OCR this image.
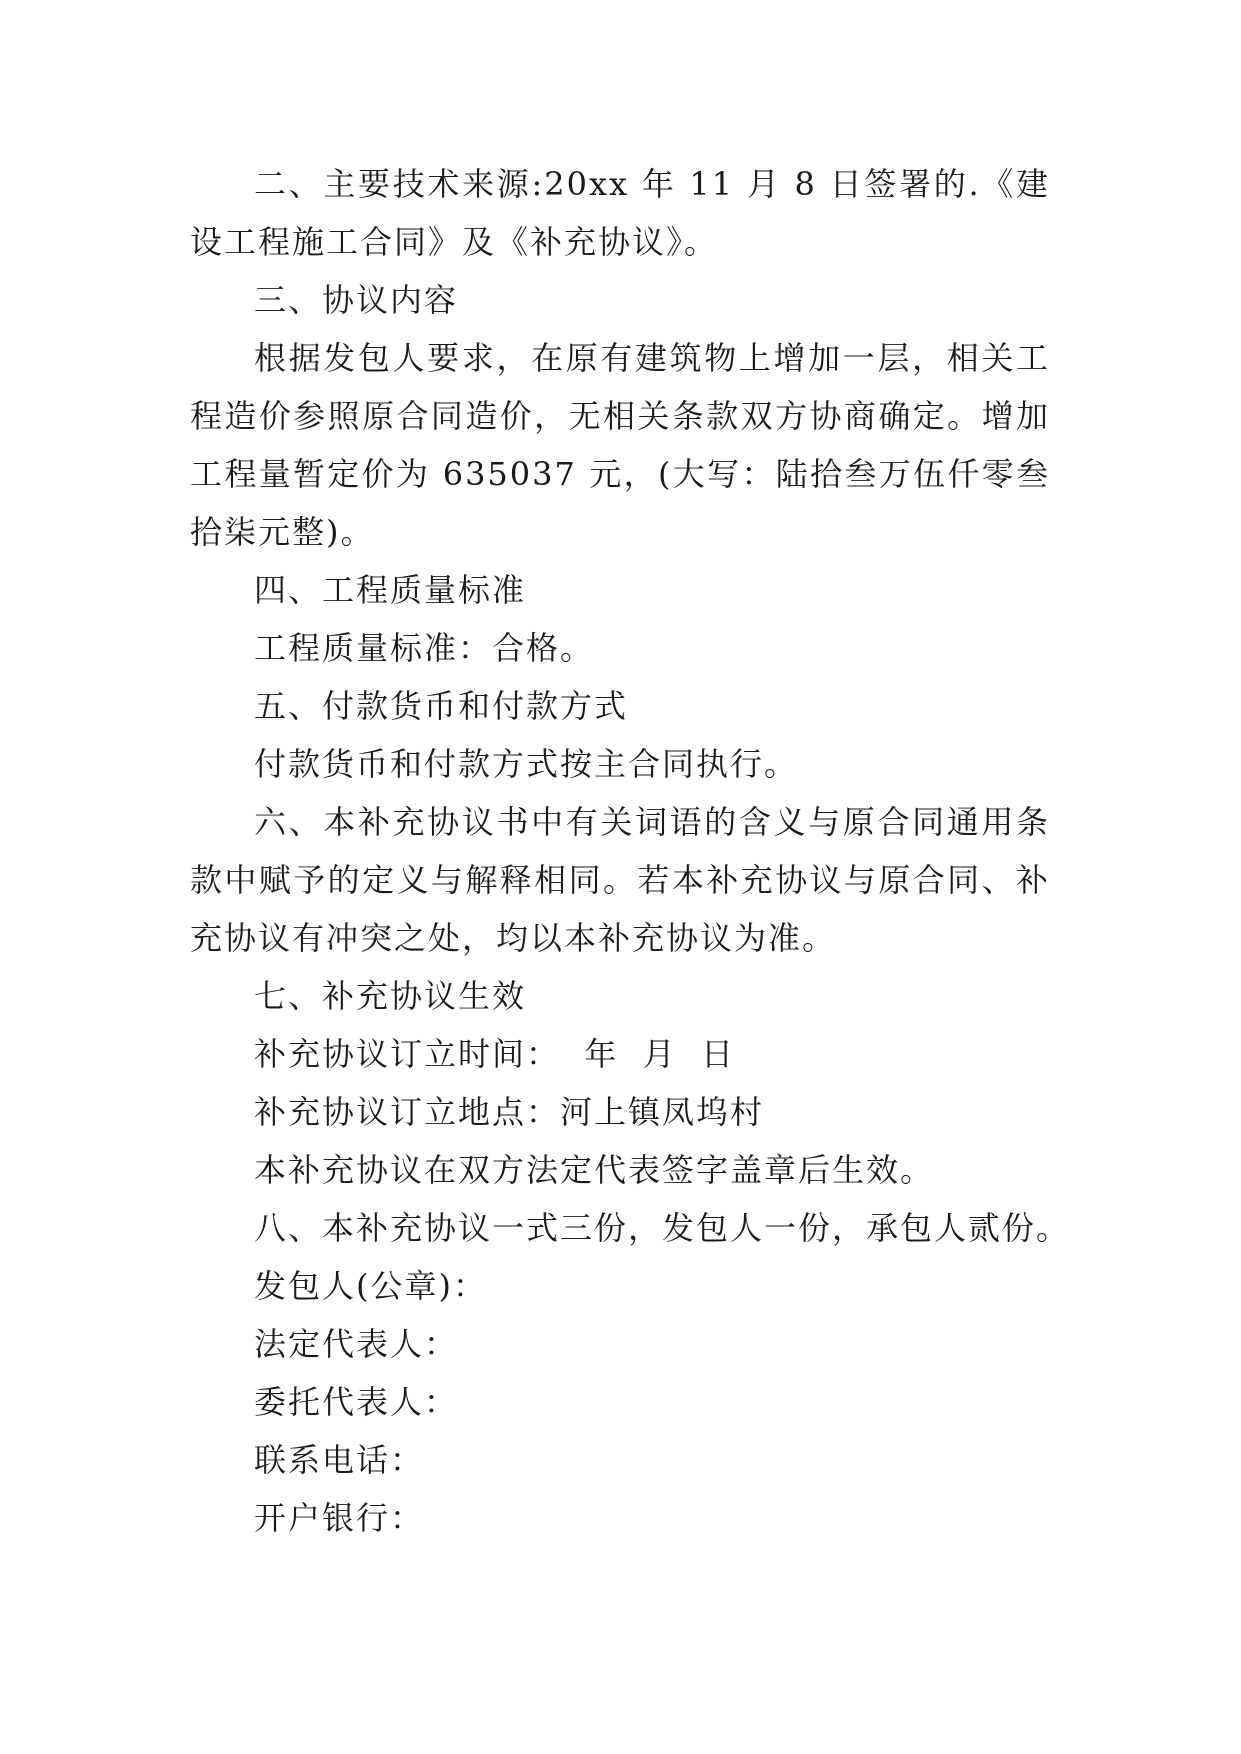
二、主要技术来源:20xx 年 11 月 8 日签署的.《建设工程施工合同》及《补充协议》。

三、协议内容

根据发包人要求，在原有建筑物上增加一层，相关工程造价参照原合同造价，无相关条款双方协商确定。增加工程量暂定价为 635037 元，(大写：陆拾叁万伍仟零叁拾柒元整)。

四、工程质量标准

工程质量标准：合格。

五、付款货币和付款方式

付款货币和付款方式按主合同执行。

六、本补充协议书中有关词语的含义与原合同通用条款中赋予的定义与解释相同。若本补充协议与原合同、补充协议有冲突之处，均以本补充协议为准。

七、补充协议生效

补充协议订立时间：  年  月  日

补充协议订立地点：河上镇凤坞村

本补充协议在双方法定代表签字盖章后生效。

八、本补充协议一式三份，发包人一份，承包人贰份。

发包人(公章)：

法定代表人：

委托代表人：

联系电话：

开户银行：
